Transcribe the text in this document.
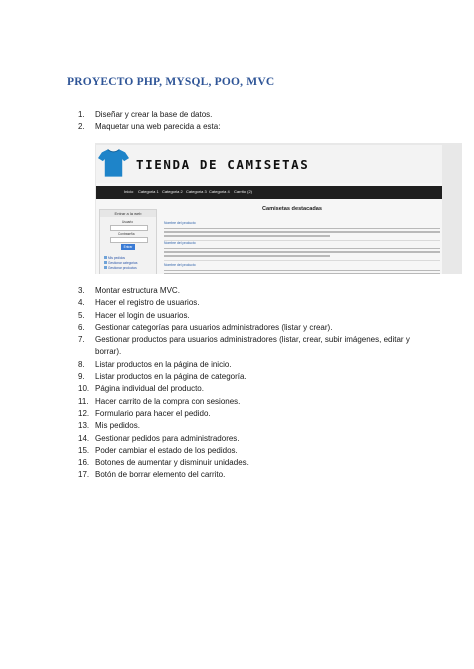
PROYECTO PHP, MYSQL, POO, MVC
1. Diseñar y crear la base de datos.
2. Maquetar una web parecida a esta:
TIENDA DE CAMISETAS
Inicio Categoria 1 Categoria 2 Categoria 3 Categoria 4 Carrito (2)
Entrar a la web
Usuario
Contraseña
Entrar
Mis pedidos
Gestionar categorias
Gestionar productos
Camisetas destacadas
Nombre del producto
Nombre del producto
Nombre del producto
3. Montar estructura MVC.
4. Hacer el registro de usuarios.
5. Hacer el login de usuarios.
6. Gestionar categorías para usuarios administradores (listar y crear).
7. Gestionar productos para usuarios administradores (listar, crear, subir imágenes, editar y borrar).
8. Listar productos en la página de inicio.
9. Listar productos en la página de categoría.
10. Página individual del producto.
11. Hacer carrito de la compra con sesiones.
12. Formulario para hacer el pedido.
13. Mis pedidos.
14. Gestionar pedidos para administradores.
15. Poder cambiar el estado de los pedidos.
16. Botones de aumentar y disminuir unidades.
17. Botón de borrar elemento del carrito.
